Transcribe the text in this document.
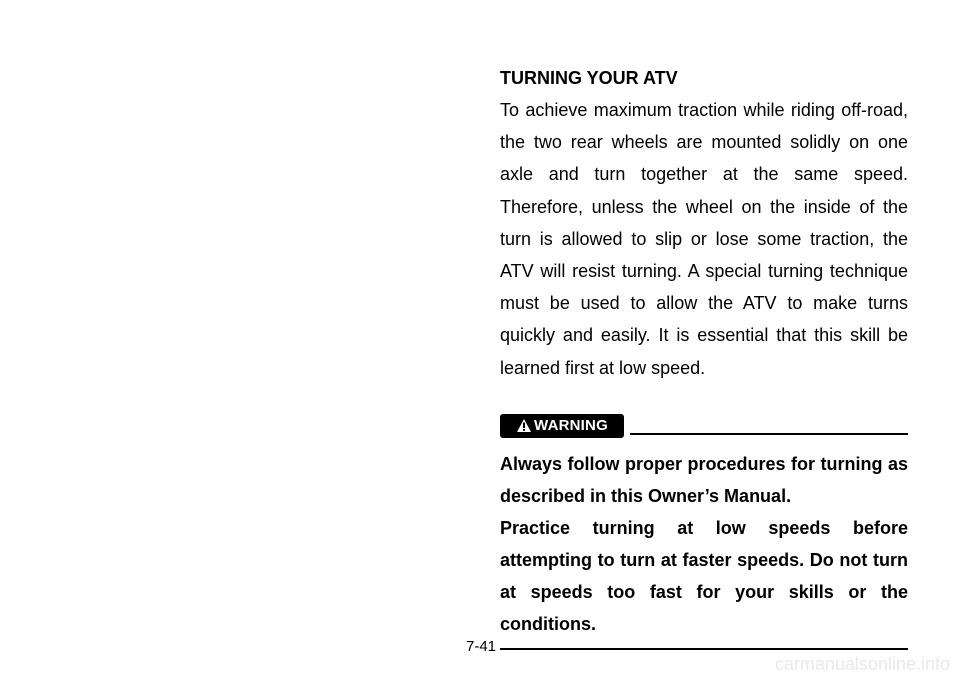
TURNING YOUR ATV

To achieve maximum traction while riding off-road, the two rear wheels are mounted solidly on one axle and turn together at the same speed. Therefore, unless the wheel on the inside of the turn is allowed to slip or lose some traction, the ATV will resist turning. A special turning technique must be used to allow the ATV to make turns quickly and easily. It is essential that this skill be learned first at low speed.

WARNING

Always follow proper procedures for turning as described in this Owner’s Manual.

Practice turning at low speeds before attempting to turn at faster speeds. Do not turn at speeds too fast for your skills or the conditions.

7-41
carmanualsonline.info
